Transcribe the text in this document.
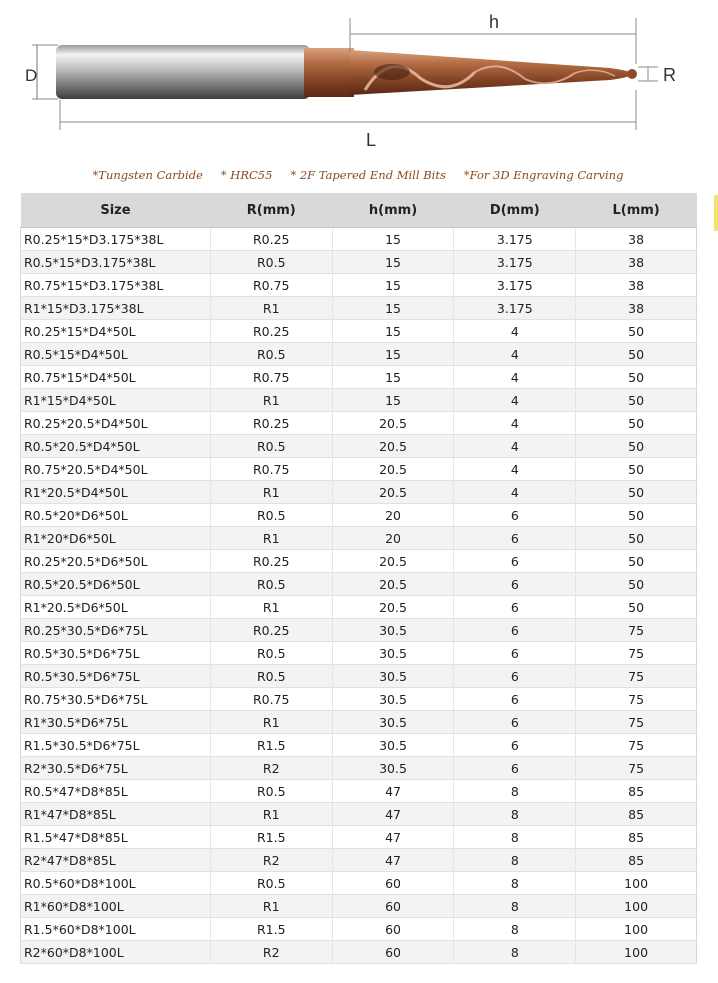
D
h
R
L
*Tungsten Carbide * HRC55 * 2F Tapered End Mill Bits *For 3D Engraving Carving
Size	R(mm)	h(mm)	D(mm)	L(mm)
R0.25*15*D3.175*38L	R0.25	15	3.175	38
R0.5*15*D3.175*38L	R0.5	15	3.175	38
R0.75*15*D3.175*38L	R0.75	15	3.175	38
R1*15*D3.175*38L	R1	15	3.175	38
R0.25*15*D4*50L	R0.25	15	4	50
R0.5*15*D4*50L	R0.5	15	4	50
R0.75*15*D4*50L	R0.75	15	4	50
R1*15*D4*50L	R1	15	4	50
R0.25*20.5*D4*50L	R0.25	20.5	4	50
R0.5*20.5*D4*50L	R0.5	20.5	4	50
R0.75*20.5*D4*50L	R0.75	20.5	4	50
R1*20.5*D4*50L	R1	20.5	4	50
R0.5*20*D6*50L	R0.5	20	6	50
R1*20*D6*50L	R1	20	6	50
R0.25*20.5*D6*50L	R0.25	20.5	6	50
R0.5*20.5*D6*50L	R0.5	20.5	6	50
R1*20.5*D6*50L	R1	20.5	6	50
R0.25*30.5*D6*75L	R0.25	30.5	6	75
R0.5*30.5*D6*75L	R0.5	30.5	6	75
R0.5*30.5*D6*75L	R0.5	30.5	6	75
R0.75*30.5*D6*75L	R0.75	30.5	6	75
R1*30.5*D6*75L	R1	30.5	6	75
R1.5*30.5*D6*75L	R1.5	30.5	6	75
R2*30.5*D6*75L	R2	30.5	6	75
R0.5*47*D8*85L	R0.5	47	8	85
R1*47*D8*85L	R1	47	8	85
R1.5*47*D8*85L	R1.5	47	8	85
R2*47*D8*85L	R2	47	8	85
R0.5*60*D8*100L	R0.5	60	8	100
R1*60*D8*100L	R1	60	8	100
R1.5*60*D8*100L	R1.5	60	8	100
R2*60*D8*100L	R2	60	8	100
